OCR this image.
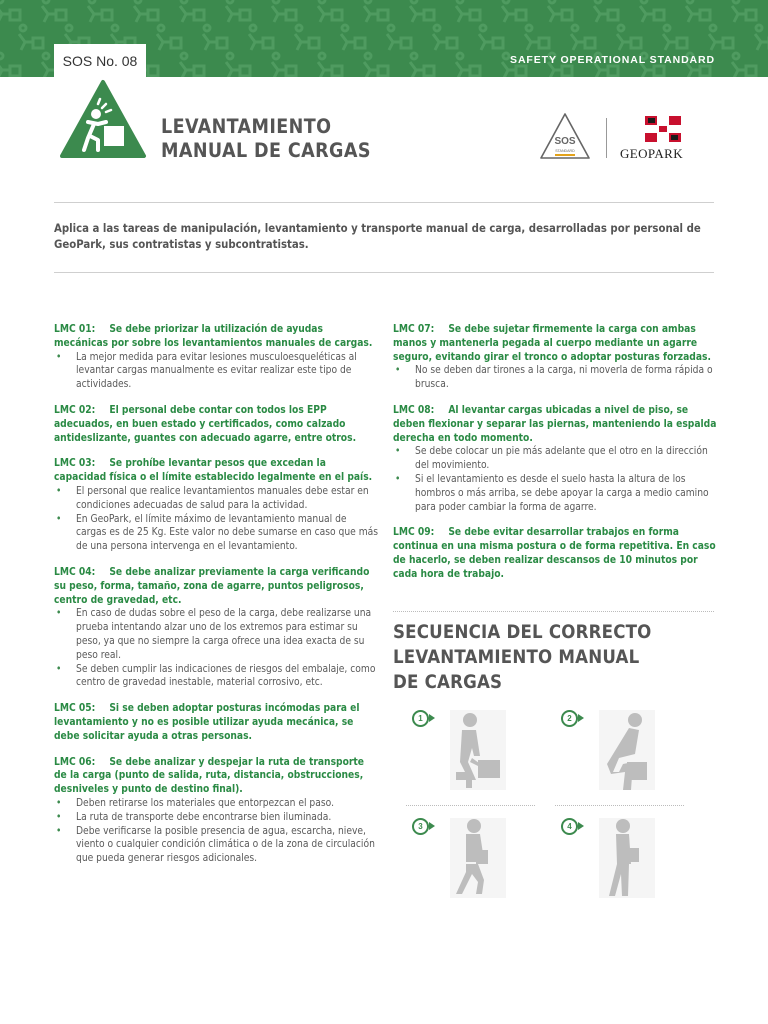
SOS No. 08	SAFETY OPERATIONAL STANDARD
LEVANTAMIENTO
MANUAL DE CARGAS	SOS
STANDARD	GEOPARK

Aplica a las tareas de manipulación, levantamiento y transporte manual de carga, desarrolladas por personal de GeoPark, sus contratistas y subcontratistas.

LMC 01: Se debe priorizar la utilización de ayudas mecánicas por sobre los levantamientos manuales de cargas.
• La mejor medida para evitar lesiones musculoesqueléticas al levantar cargas manualmente es evitar realizar este tipo de actividades.
LMC 02: El personal debe contar con todos los EPP adecuados, en buen estado y certificados, como calzado antideslizante, guantes con adecuado agarre, entre otros.
LMC 03: Se prohíbe levantar pesos que excedan la capacidad física o el límite establecido legalmente en el país.
• El personal que realice levantamientos manuales debe estar en condiciones adecuadas de salud para la actividad.
• En GeoPark, el límite máximo de levantamiento manual de cargas es de 25 Kg. Este valor no debe sumarse en caso que más de una persona intervenga en el levantamiento.
LMC 04: Se debe analizar previamente la carga verificando su peso, forma, tamaño, zona de agarre, puntos peligrosos, centro de gravedad, etc.
• En caso de dudas sobre el peso de la carga, debe realizarse una prueba intentando alzar uno de los extremos para estimar su peso, ya que no siempre la carga ofrece una idea exacta de su peso real.
• Se deben cumplir las indicaciones de riesgos del embalaje, como centro de gravedad inestable, material corrosivo, etc.
LMC 05: Si se deben adoptar posturas incómodas para el levantamiento y no es posible utilizar ayuda mecánica, se debe solicitar ayuda a otras personas.
LMC 06: Se debe analizar y despejar la ruta de transporte de la carga (punto de salida, ruta, distancia, obstrucciones, desniveles y punto de destino final).
• Deben retirarse los materiales que entorpezcan el paso.
• La ruta de transporte debe encontrarse bien iluminada.
• Debe verificarse la posible presencia de agua, escarcha, nieve, viento o cualquier condición climática o de la zona de circulación que pueda generar riesgos adicionales.
LMC 07: Se debe sujetar firmemente la carga con ambas manos y mantenerla pegada al cuerpo mediante un agarre seguro, evitando girar el tronco o adoptar posturas forzadas.
• No se deben dar tirones a la carga, ni moverla de forma rápida o brusca.
LMC 08: Al levantar cargas ubicadas a nivel de piso, se deben flexionar y separar las piernas, manteniendo la espalda derecha en todo momento.
• Se debe colocar un pie más adelante que el otro en la dirección del movimiento.
• Si el levantamiento es desde el suelo hasta la altura de los hombros o más arriba, se debe apoyar la carga a medio camino para poder cambiar la forma de agarre.
LMC 09: Se debe evitar desarrollar trabajos en forma continua en una misma postura o de forma repetitiva. En caso de hacerlo, se deben realizar descansos de 10 minutos por cada hora de trabajo.
SECUENCIA DEL CORRECTO
LEVANTAMIENTO MANUAL
DE CARGAS
1	2
3	4
